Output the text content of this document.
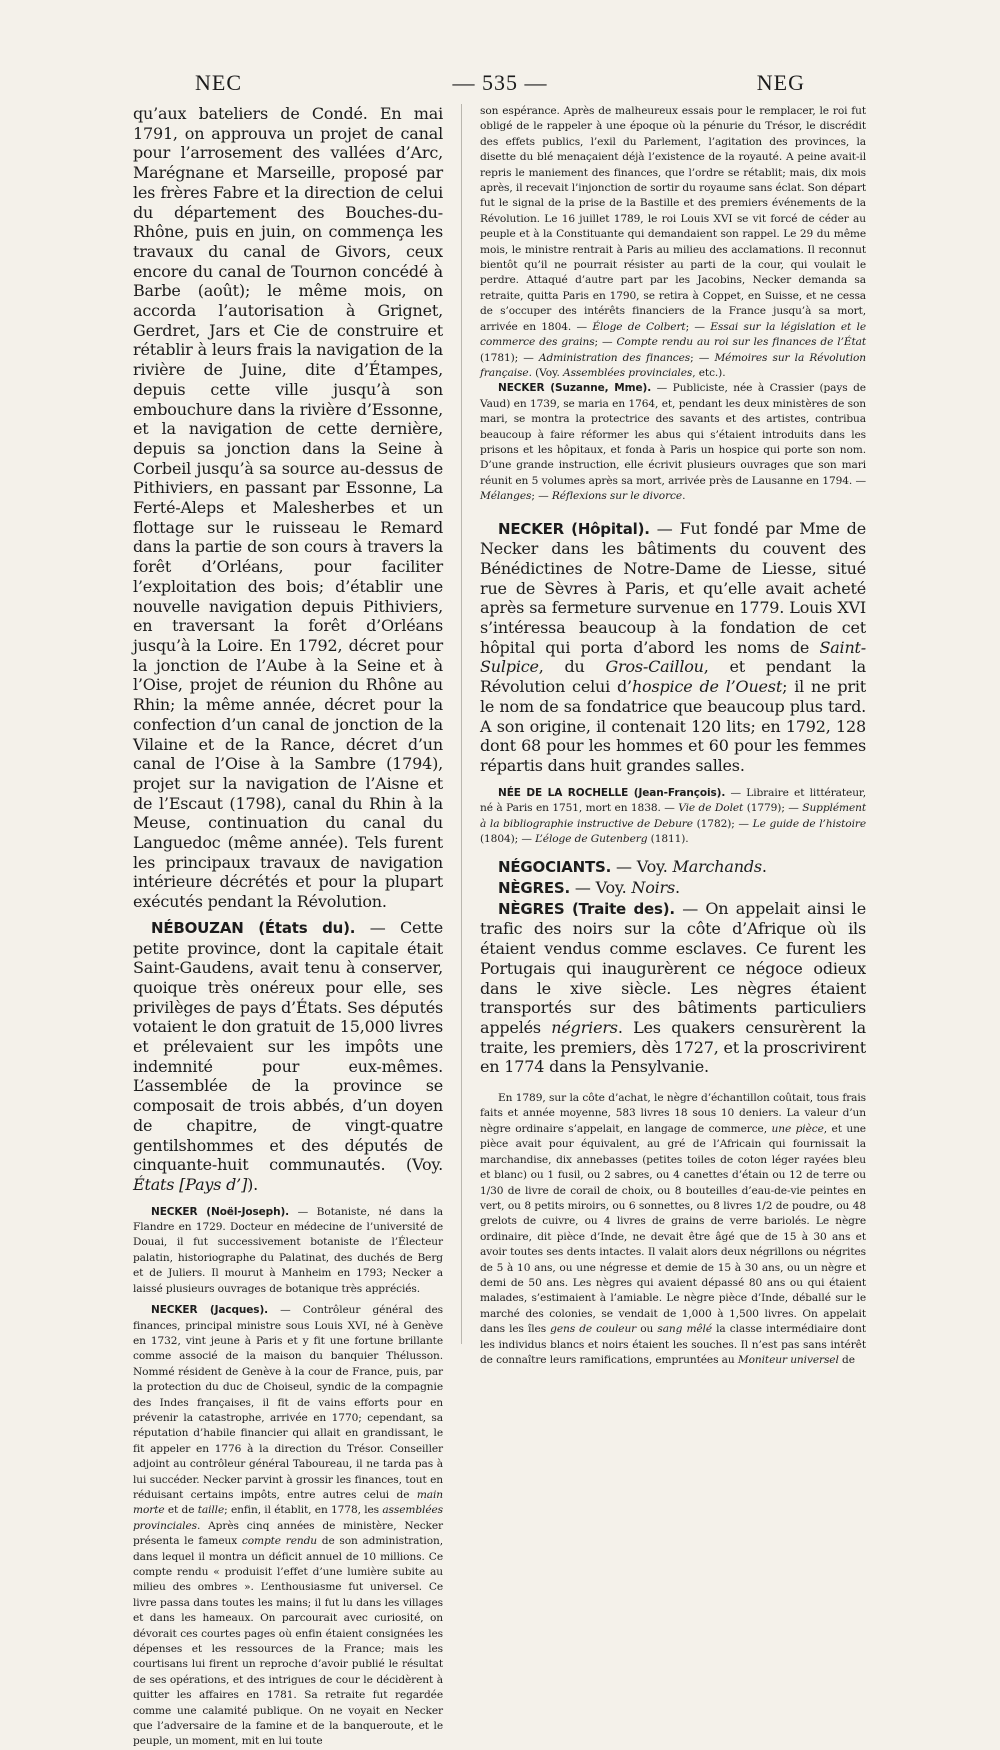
NEC	— 535 —	NEG

qu’aux bateliers de Condé. En mai 1791, on approuva un projet de canal pour l’arrosement des vallées d’Arc, Marégnane et Marseille, proposé par les frères Fabre et la direction de celui du département des Bouches-du-Rhône, puis en juin, on commença les travaux du canal de Givors, ceux encore du canal de Tournon concédé à Barbe (août); le même mois, on accorda l’autorisation à Grignet, Gerdret, Jars et Cie de construire et rétablir à leurs frais la navigation de la rivière de Juine, dite d’Étampes, depuis cette ville jusqu’à son embouchure dans la rivière d’Essonne, et la navigation de cette dernière, depuis sa jonction dans la Seine à Corbeil jusqu’à sa source au-dessus de Pithiviers, en passant par Essonne, La Ferté-Aleps et Malesherbes et un flottage sur le ruisseau le Remard dans la partie de son cours à travers la forêt d’Orléans, pour faciliter l’exploitation des bois; d’établir une nouvelle navigation depuis Pithiviers, en traversant la forêt d’Orléans jusqu’à la Loire. En 1792, décret pour la jonction de l’Aube à la Seine et à l’Oise, projet de réunion du Rhône au Rhin; la même année, décret pour la confection d’un canal de jonction de la Vilaine et de la Rance, décret d’un canal de l’Oise à la Sambre (1794), projet sur la navigation de l’Aisne et de l’Escaut (1798), canal du Rhin à la Meuse, continuation du canal du Languedoc (même année). Tels furent les principaux travaux de navigation intérieure décrétés et pour la plupart exécutés pendant la Révolution.

NÉBOUZAN (États du). — Cette petite province, dont la capitale était Saint-Gaudens, avait tenu à conserver, quoique très onéreux pour elle, ses privilèges de pays d’États. Ses députés votaient le don gratuit de 15,000 livres et prélevaient sur les impôts une indemnité pour eux-mêmes. L’assemblée de la province se composait de trois abbés, d’un doyen de chapitre, de vingt-quatre gentilshommes et des députés de cinquante-huit communautés. (Voy. États [Pays d’]).

NECKER (Noël-Joseph). — Botaniste, né dans la Flandre en 1729. Docteur en médecine de l’université de Douai, il fut successivement botaniste de l’Électeur palatin, historiographe du Palatinat, des duchés de Berg et de Juliers. Il mourut à Manheim en 1793; Necker a laissé plusieurs ouvrages de botanique très appréciés.

NECKER (Jacques). — Contrôleur général des finances, principal ministre sous Louis XVI, né à Genève en 1732, vint jeune à Paris et y fit une fortune brillante comme associé de la maison du banquier Thélusson. Nommé résident de Genève à la cour de France, puis, par la protection du duc de Choiseul, syndic de la compagnie des Indes françaises, il fit de vains efforts pour en prévenir la catastrophe, arrivée en 1770; cependant, sa réputation d’habile financier qui allait en grandissant, le fit appeler en 1776 à la direction du Trésor. Conseiller adjoint au contrôleur général Taboureau, il ne tarda pas à lui succéder. Necker parvint à grossir les finances, tout en réduisant certains impôts, entre autres celui de main morte et de taille; enfin, il établit, en 1778, les assemblées provinciales. Après cinq années de ministère, Necker présenta le fameux compte rendu de son administration, dans lequel il montra un déficit annuel de 10 millions. Ce compte rendu « produisit l’effet d’une lumière subite au milieu des ombres ». L’enthousiasme fut universel. Ce livre passa dans toutes les mains; il fut lu dans les villages et dans les hameaux. On parcourait avec curiosité, on dévorait ces courtes pages où enfin étaient consignées les dépenses et les ressources de la France; mais les courtisans lui firent un reproche d’avoir publié le résultat de ses opérations, et des intrigues de cour le décidèrent à quitter les affaires en 1781. Sa retraite fut regardée comme une calamité publique. On ne voyait en Necker que l’adversaire de la famine et de la banqueroute, et le peuple, un moment, mit en lui toute

son espérance. Après de malheureux essais pour le remplacer, le roi fut obligé de le rappeler à une époque où la pénurie du Trésor, le discrédit des effets publics, l’exil du Parlement, l’agitation des provinces, la disette du blé menaçaient déjà l’existence de la royauté. A peine avait-il repris le maniement des finances, que l’ordre se rétablit; mais, dix mois après, il recevait l’injonction de sortir du royaume sans éclat. Son départ fut le signal de la prise de la Bastille et des premiers événements de la Révolution. Le 16 juillet 1789, le roi Louis XVI se vit forcé de céder au peuple et à la Constituante qui demandaient son rappel. Le 29 du même mois, le ministre rentrait à Paris au milieu des acclamations. Il reconnut bientôt qu’il ne pourrait résister au parti de la cour, qui voulait le perdre. Attaqué d’autre part par les Jacobins, Necker demanda sa retraite, quitta Paris en 1790, se retira à Coppet, en Suisse, et ne cessa de s’occuper des intérêts financiers de la France jusqu’à sa mort, arrivée en 1804. — Éloge de Colbert; — Essai sur la législation et le commerce des grains; — Compte rendu au roi sur les finances de l’État (1781); — Administration des finances; — Mémoires sur la Révolution française. (Voy. Assemblées provinciales, etc.).

NECKER (Suzanne, Mme). — Publiciste, née à Crassier (pays de Vaud) en 1739, se maria en 1764, et, pendant les deux ministères de son mari, se montra la protectrice des savants et des artistes, contribua beaucoup à faire réformer les abus qui s’étaient introduits dans les prisons et les hôpitaux, et fonda à Paris un hospice qui porte son nom. D’une grande instruction, elle écrivit plusieurs ouvrages que son mari réunit en 5 volumes après sa mort, arrivée près de Lausanne en 1794. — Mélanges; — Réflexions sur le divorce.

NECKER (Hôpital). — Fut fondé par Mme de Necker dans les bâtiments du couvent des Bénédictines de Notre-Dame de Liesse, situé rue de Sèvres à Paris, et qu’elle avait acheté après sa fermeture survenue en 1779. Louis XVI s’intéressa beaucoup à la fondation de cet hôpital qui porta d’abord les noms de Saint-Sulpice, du Gros-Caillou, et pendant la Révolution celui d’hospice de l’Ouest; il ne prit le nom de sa fondatrice que beaucoup plus tard. A son origine, il contenait 120 lits; en 1792, 128 dont 68 pour les hommes et 60 pour les femmes répartis dans huit grandes salles.

NÉE DE LA ROCHELLE (Jean-François). — Libraire et littérateur, né à Paris en 1751, mort en 1838. — Vie de Dolet (1779); — Supplément à la bibliographie instructive de Debure (1782); — Le guide de l’histoire (1804); — L’éloge de Gutenberg (1811).

NÉGOCIANTS. — Voy. Marchands.

NÈGRES. — Voy. Noirs.

NÈGRES (Traite des). — On appelait ainsi le trafic des noirs sur la côte d’Afrique où ils étaient vendus comme esclaves. Ce furent les Portugais qui inaugurèrent ce négoce odieux dans le xive siècle. Les nègres étaient transportés sur des bâtiments particuliers appelés négriers. Les quakers censurèrent la traite, les premiers, dès 1727, et la proscrivirent en 1774 dans la Pensylvanie.

En 1789, sur la côte d’achat, le nègre d’échantillon coûtait, tous frais faits et année moyenne, 583 livres 18 sous 10 deniers. La valeur d’un nègre ordinaire s’appelait, en langage de commerce, une pièce, et une pièce avait pour équivalent, au gré de l’Africain qui fournissait la marchandise, dix annebasses (petites toiles de coton léger rayées bleu et blanc) ou 1 fusil, ou 2 sabres, ou 4 canettes d’étain ou 12 de terre ou 1/30 de livre de corail de choix, ou 8 bouteilles d’eau-de-vie peintes en vert, ou 8 petits miroirs, ou 6 sonnettes, ou 8 livres 1/2 de poudre, ou 48 grelots de cuivre, ou 4 livres de grains de verre bariolés. Le nègre ordinaire, dit pièce d’Inde, ne devait être âgé que de 15 à 30 ans et avoir toutes ses dents intactes. Il valait alors deux négrillons ou négrites de 5 à 10 ans, ou une négresse et demie de 15 à 30 ans, ou un nègre et demi de 50 ans. Les nègres qui avaient dépassé 80 ans ou qui étaient malades, s’estimaient à l’amiable. Le nègre pièce d’Inde, déballé sur le marché des colonies, se vendait de 1,000 à 1,500 livres. On appelait dans les îles gens de couleur ou sang mêlé la classe intermédiaire dont les individus blancs et noirs étaient les souches. Il n’est pas sans intérêt de connaître leurs ramifications, empruntées au Moniteur universel de
